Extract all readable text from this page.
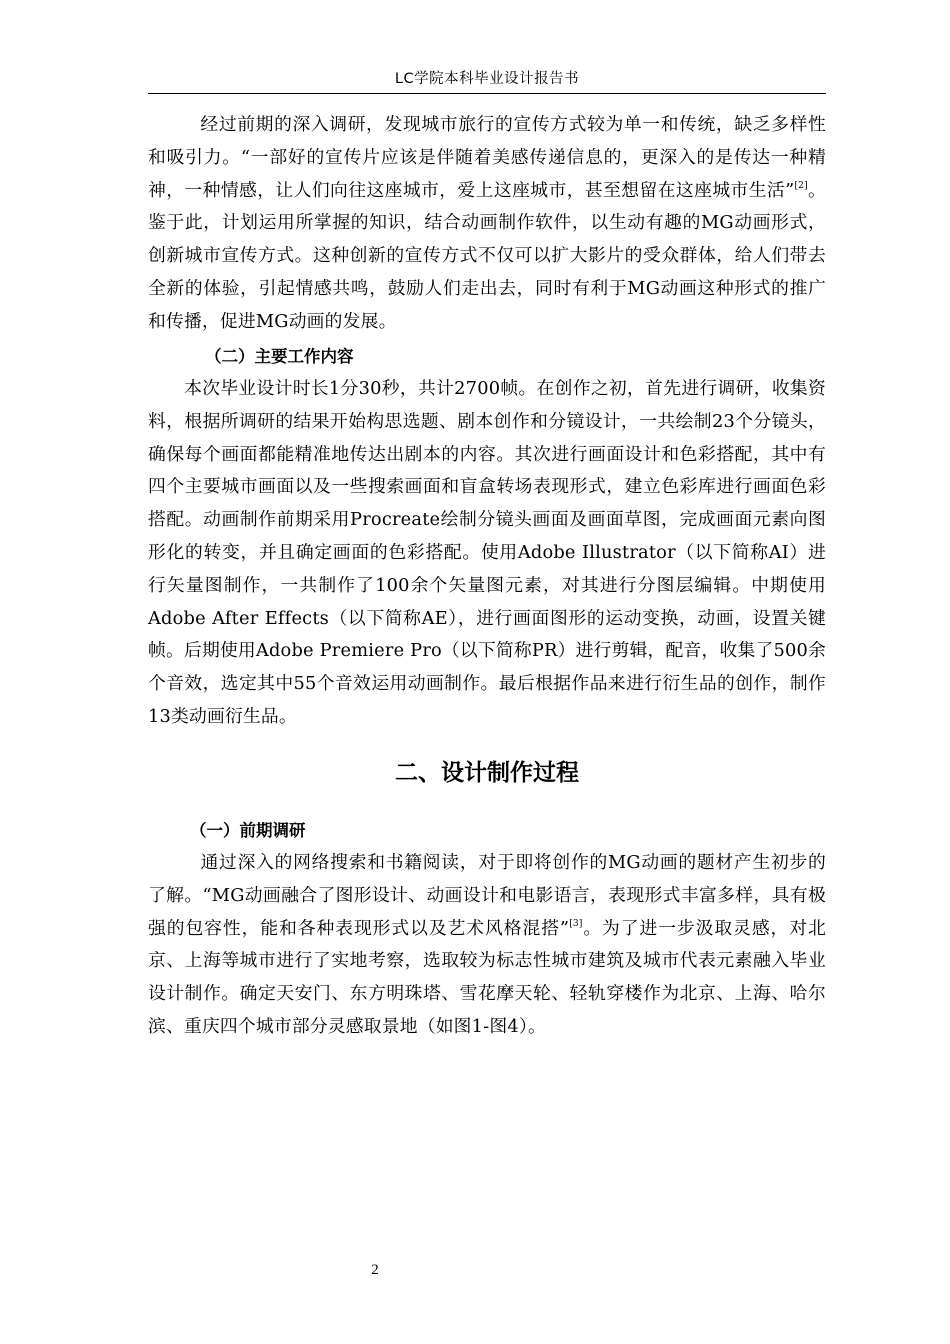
LC学院本科毕业设计报告书
经过前期的深入调研，发现城市旅行的宣传方式较为单一和传统，缺乏多样性和吸引力。“一部好的宣传片应该是伴随着美感传递信息的，更深入的是传达一种精神，一种情感，让人们向往这座城市，爱上这座城市，甚至想留在这座城市生活”[2]。鉴于此，计划运用所掌握的知识，结合动画制作软件，以生动有趣的MG动画形式，创新城市宣传方式。这种创新的宣传方式不仅可以扩大影片的受众群体，给人们带去全新的体验，引起情感共鸣，鼓励人们走出去，同时有利于MG动画这种形式的推广和传播，促进MG动画的发展。
（二）主要工作内容
本次毕业设计时长1分30秒，共计2700帧。在创作之初，首先进行调研，收集资料，根据所调研的结果开始构思选题、剧本创作和分镜设计，一共绘制23个分镜头，确保每个画面都能精准地传达出剧本的内容。其次进行画面设计和色彩搭配，其中有四个主要城市画面以及一些搜索画面和盲盒转场表现形式，建立色彩库进行画面色彩搭配。动画制作前期采用Procreate绘制分镜头画面及画面草图，完成画面元素向图形化的转变，并且确定画面的色彩搭配。使用Adobe Illustrator（以下简称AI）进行矢量图制作，一共制作了100余个矢量图元素，对其进行分图层编辑。中期使用Adobe After Effects（以下简称AE），进行画面图形的运动变换，动画，设置关键帧。后期使用Adobe Premiere Pro（以下简称PR）进行剪辑，配音，收集了500余个音效，选定其中55个音效运用动画制作。最后根据作品来进行衍生品的创作，制作13类动画衍生品。
二、设计制作过程
（一）前期调研
通过深入的网络搜索和书籍阅读，对于即将创作的MG动画的题材产生初步的了解。“MG动画融合了图形设计、动画设计和电影语言，表现形式丰富多样，具有极强的包容性，能和各种表现形式以及艺术风格混搭”[3]。为了进一步汲取灵感，对北京、上海等城市进行了实地考察，选取较为标志性城市建筑及城市代表元素融入毕业设计制作。确定天安门、东方明珠塔、雪花摩天轮、轻轨穿楼作为北京、上海、哈尔滨、重庆四个城市部分灵感取景地（如图1-图4）。
2
